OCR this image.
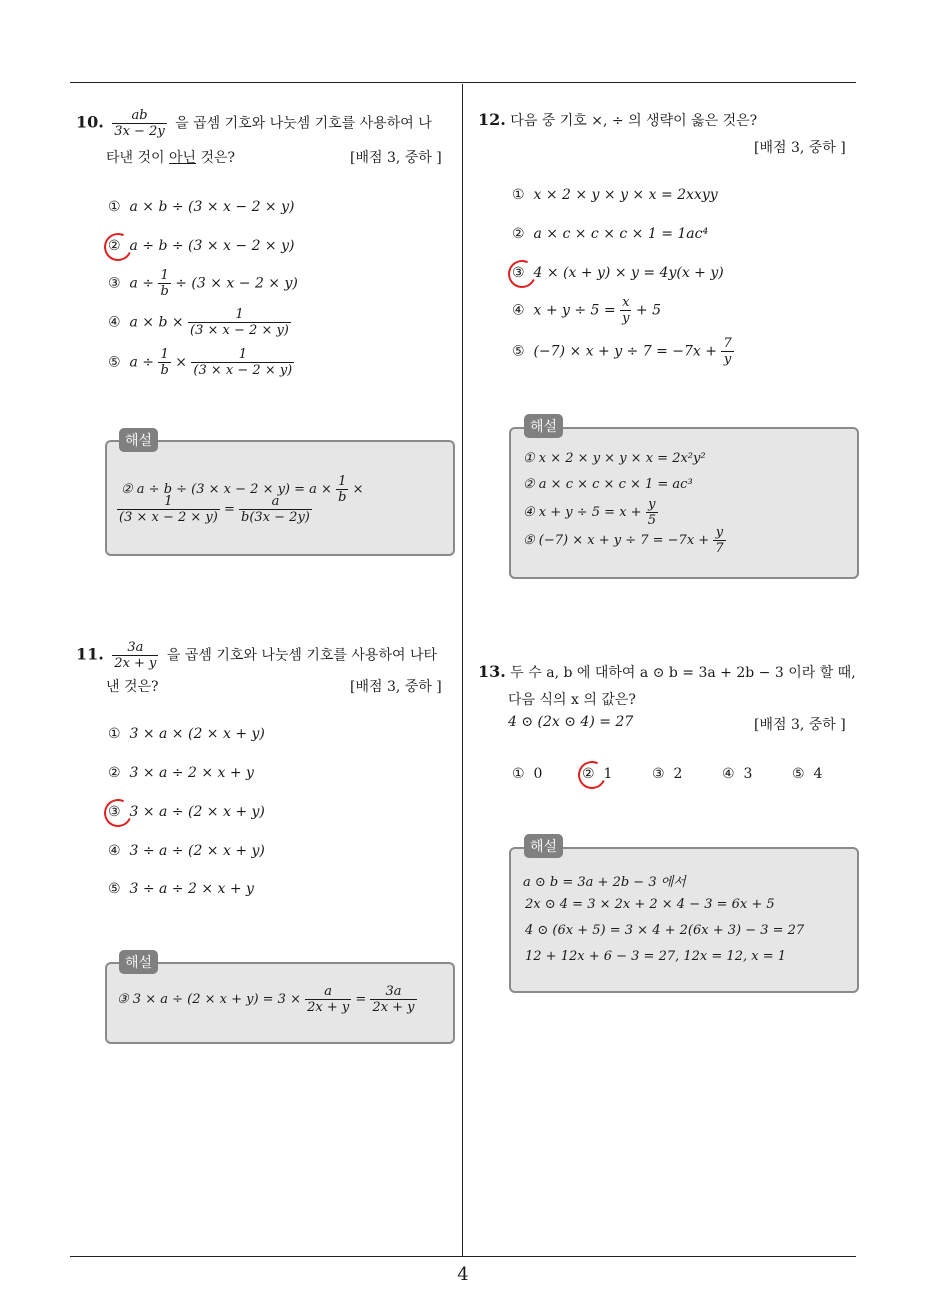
4
10. $\frac{ab}{3x - 2y}$ 을 곱셈 기호와 나눗셈 기호를 사용하여 나
타낸 것이 아닌 것은?	[배점 3, 중하 ]
① a × b ÷ (3 × x − 2 × y)
② a ÷ b ÷ (3 × x − 2 × y)
③ $a \div \frac{1}{b} \div (3 \times x - 2 \times y)$
④ $a \times b \times \frac{1}{(3 \times x - 2 \times y)}$
⑤ $a \div \frac{1}{b} \times \frac{1}{(3 \times x - 2 \times y)}$
② $a \div b \div (3 \times x - 2 \times y) = a \times \frac{1}{b}$ ×
$\frac{1}{(3 \times x - 2 \times y)} = \frac{a}{b(3x - 2y)}$
해설
11. $\frac{3a}{2x + y}$ 을 곱셈 기호와 나눗셈 기호를 사용하여 나타
낸 것은?	[배점 3, 중하 ]
① 3 × a × (2 × x + y)
② 3 × a ÷ 2 × x + y
③ 3 × a ÷ (2 × x + y)
④ 3 ÷ a ÷ (2 × x + y)
⑤ 3 ÷ a ÷ 2 × x + y
③ $3 \times a \div (2 \times x + y) = 3 \times \frac{a}{2x + y} = \frac{3a}{2x + y}$
해설
12. 다음 중 기호 ×, ÷ 의 생략이 옳은 것은?
[배점 3, 중하 ]
① x × 2 × y × y × x = 2xxyy
② a × c × c × c × 1 = 1ac⁴
③ 4 × (x + y) × y = 4y(x + y)
④ $x + y \div 5 = \frac{x}{y} + 5$
⑤ $(-7) \times x + y \div 7 = -7x + \frac{7}{y}$
① x × 2 × y × y × x = 2x²y²
② a × c × c × c × 1 = ac³
④ $x + y \div 5 = x + \frac{y}{5}$
⑤ $(-7) \times x + y \div 7 = -7x + \frac{y}{7}$
해설
13. 두 수 a, b 에 대하여 a ⊙ b = 3a + 2b − 3 이라 할 때,
다음 식의 x 의 값은?
4 ⊙ (2x ⊙ 4) = 27	[배점 3, 중하 ]
① 0	② 1	③ 2	④ 3	⑤ 4
a ⊙ b = 3a + 2b − 3 에서
2x ⊙ 4 = 3 × 2x + 2 × 4 − 3 = 6x + 5
4 ⊙ (6x + 5) = 3 × 4 + 2(6x + 3) − 3 = 27
12 + 12x + 6 − 3 = 27, 12x = 12, x = 1
해설
